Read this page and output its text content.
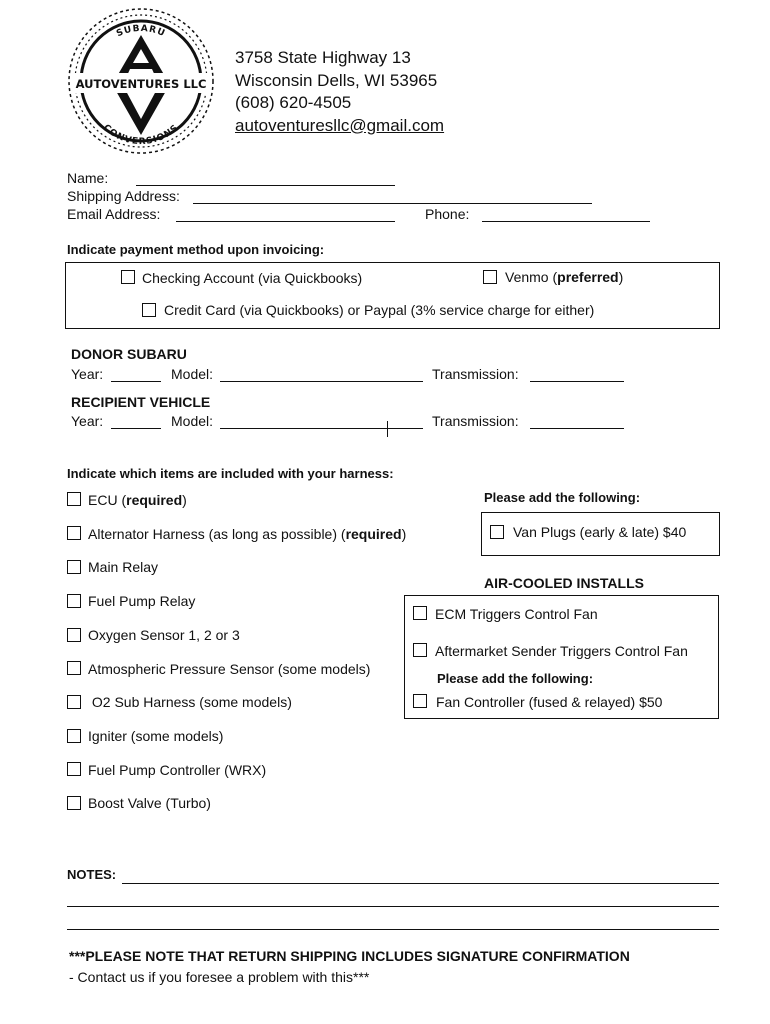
SUBARU
CONVERSIONS
AUTOVENTURES LLC
3758 State Highway 13
Wisconsin Dells, WI 53965
(608) 620-4505
autoventuresllc@gmail.com
Name:
Shipping Address:
Email Address:	Phone:
Indicate payment method upon invoicing:
Checking Account (via Quickbooks)	Venmo (preferred)
Credit Card (via Quickbooks) or Paypal (3% service charge for either)
DONOR SUBARU
Year:	Model:	Transmission:
RECIPIENT VEHICLE
Year:	Model:	Transmission:
Indicate which items are included with your harness:
ECU (required)
Alternator Harness (as long as possible) (required)
Main Relay
Fuel Pump Relay
Oxygen Sensor 1, 2 or 3
Atmospheric Pressure Sensor (some models)
O2 Sub Harness (some models)
Igniter (some models)
Fuel Pump Controller (WRX)
Boost Valve (Turbo)
Please add the following:
Van Plugs (early & late) $40
AIR-COOLED INSTALLS
ECM Triggers Control Fan
Aftermarket Sender Triggers Control Fan
Please add the following:
Fan Controller (fused & relayed) $50
NOTES:
***PLEASE NOTE THAT RETURN SHIPPING INCLUDES SIGNATURE CONFIRMATION
- Contact us if you foresee a problem with this***
